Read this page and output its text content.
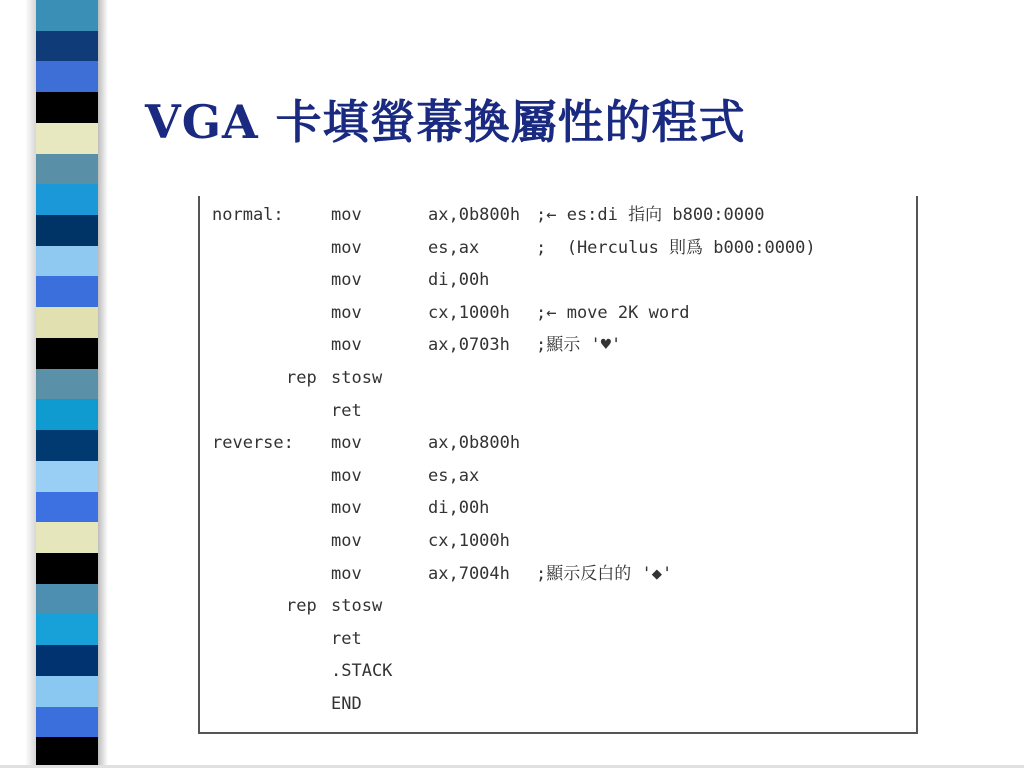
VGA 卡填螢幕換屬性的程式
normal:	mov	ax,0b800h ;← es:di 指向 b800:0000
mov	es,ax	;  (Herculus 則爲 b000:0000)
mov	di,00h
mov	cx,1000h ;← move 2K word
mov	ax,0703h ;顯示 '♥'
rep stosw
ret
reverse: mov	ax,0b800h
mov	es,ax
mov	di,00h
mov	cx,1000h
mov	ax,7004h ;顯示反白的 '◆'
rep stosw
ret
.STACK
END
